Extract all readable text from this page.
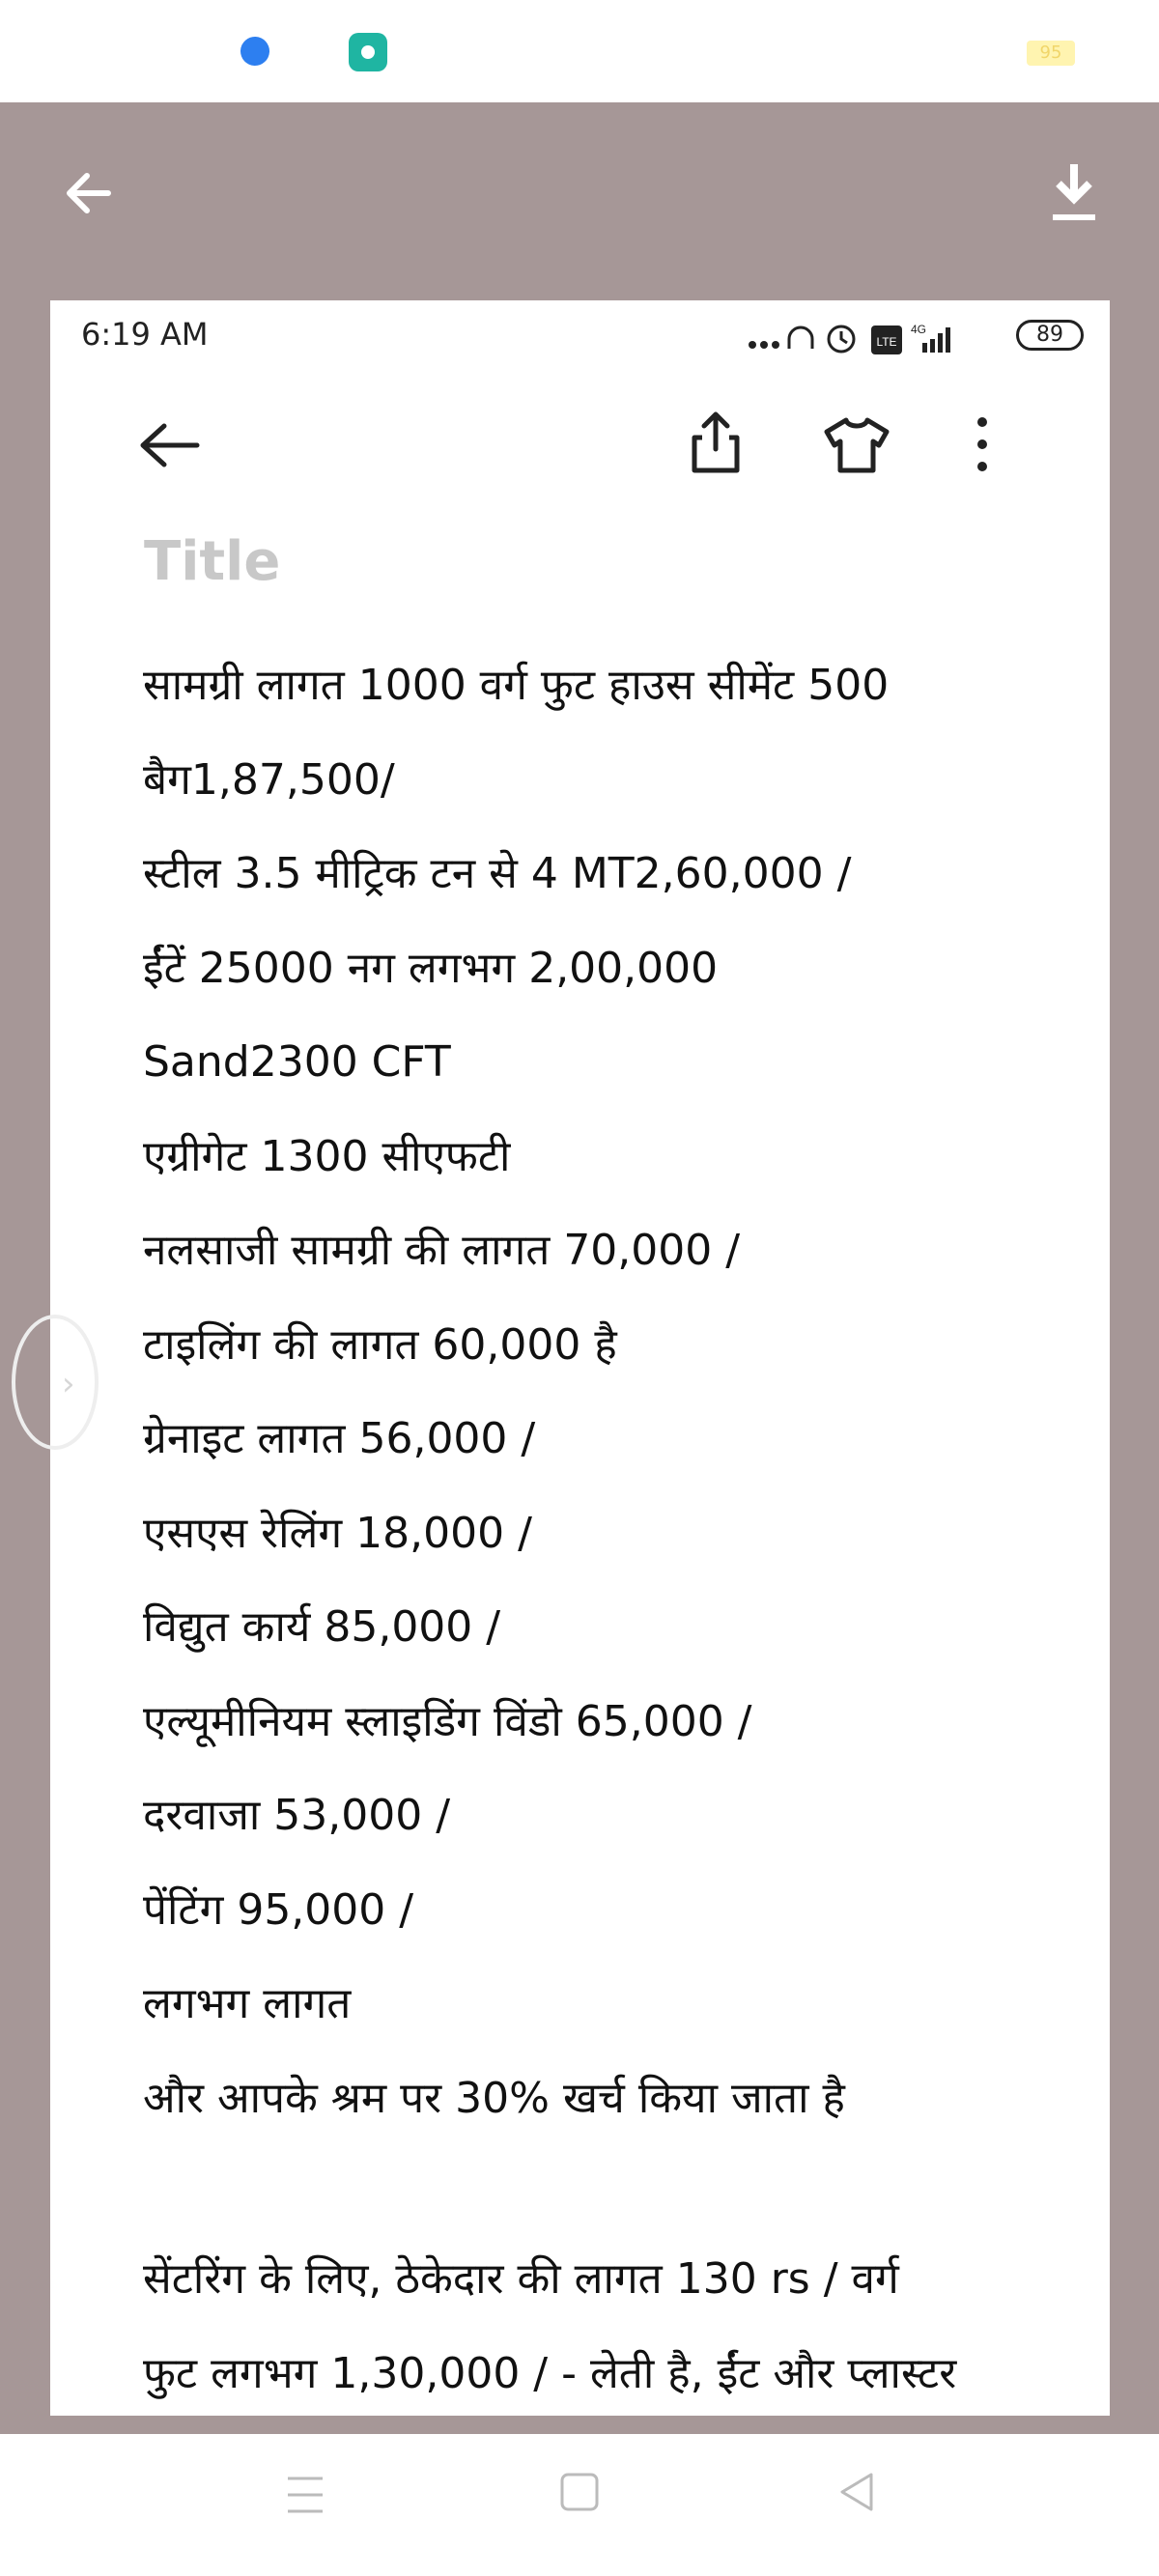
95
6:19 AM	LTE
4G	89
Title
सामग्री लागत 1000 वर्ग फुट हाउस सीमेंट 500
बैग1,87,500/
स्टील 3.5 मीट्रिक टन से 4 MT2,60,000 /
ईंटें 25000 नग लगभग 2,00,000
Sand2300 CFT
एग्रीगेट 1300 सीएफटी
नलसाजी सामग्री की लागत 70,000 /
टाइलिंग की लागत 60,000 है
ग्रेनाइट लागत 56,000 /
एसएस रेलिंग 18,000 /
विद्युत कार्य 85,000 /
एल्यूमीनियम स्लाइडिंग विंडो 65,000 /
दरवाजा 53,000 /
पेंटिंग 95,000 /
लगभग लागत
और आपके श्रम पर 30% खर्च किया जाता है
सेंटरिंग के लिए, ठेकेदार की लागत 130 rs / वर्ग
फुट लगभग 1,30,000 / - लेती है, ईंट और प्लास्टर
›
